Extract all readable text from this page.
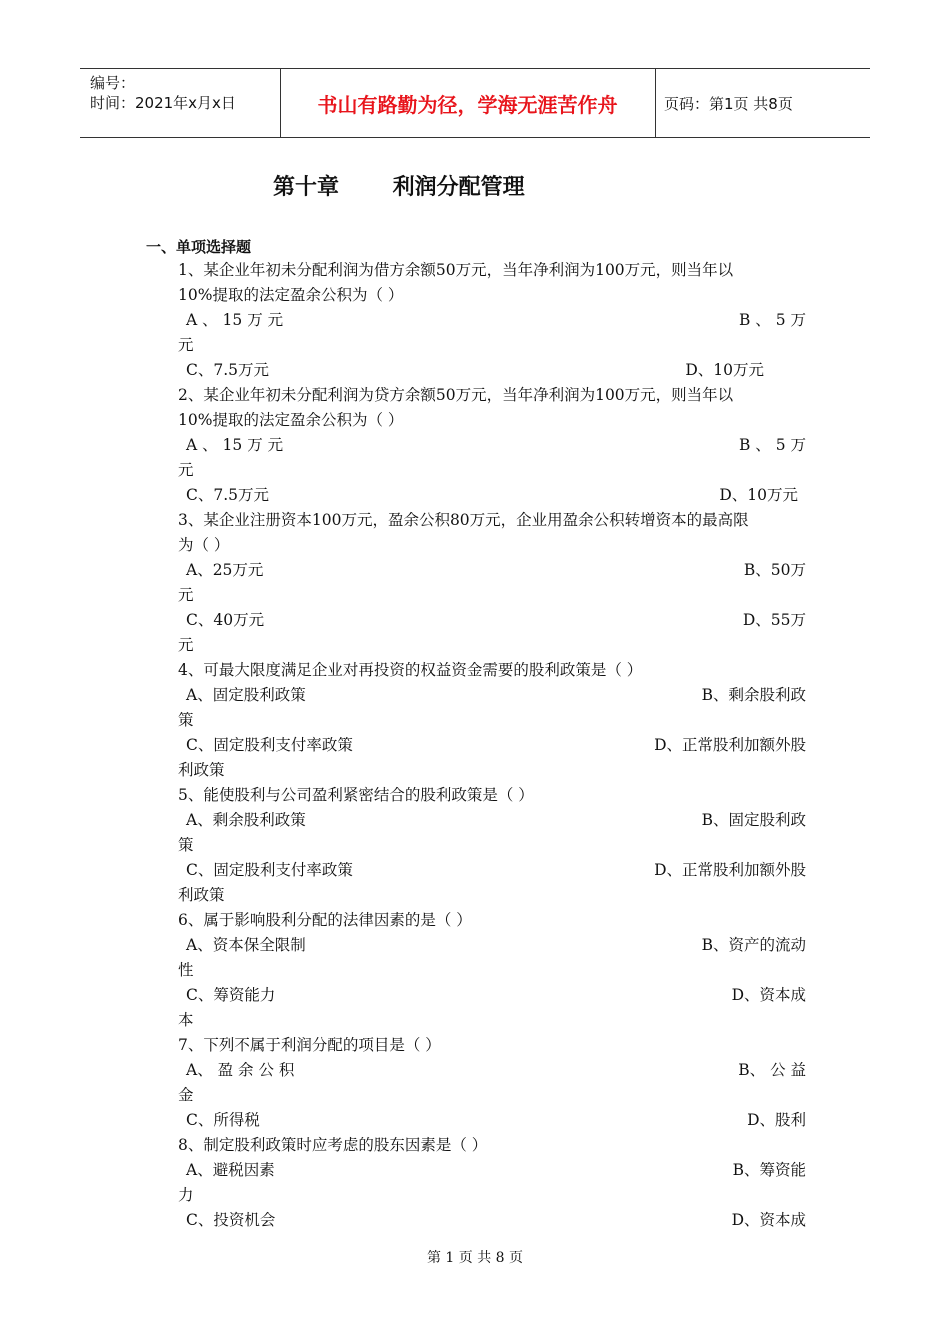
编号：
时间：2021年x月x日	书山有路勤为径，学海无涯苦作舟	页码：第1页 共8页
第十章       利润分配管理
一、单项选择题
1、某企业年初未分配利润为借方余额50万元，当年净利润为100万元，则当年以
10%提取的法定盈余公积为（ ）
A 、 15 万 元	B 、 5 万
元
C、7.5万元	D、10万元
2、某企业年初未分配利润为贷方余额50万元，当年净利润为100万元，则当年以
10%提取的法定盈余公积为（ ）
A 、 15 万 元	B 、 5 万
元
C、7.5万元	D、10万元
3、某企业注册资本100万元，盈余公积80万元，企业用盈余公积转增资本的最高限
为（ ）
A、25万元	B、50万
元
C、40万元	D、55万
元
4、可最大限度满足企业对再投资的权益资金需要的股利政策是（ ）
A、固定股利政策	B、剩余股利政
策
C、固定股利支付率政策	D、正常股利加额外股
利政策
5、能使股利与公司盈利紧密结合的股利政策是（ ）
A、剩余股利政策	B、固定股利政
策
C、固定股利支付率政策	D、正常股利加额外股
利政策
6、属于影响股利分配的法律因素的是（ ）
A、资本保全限制	B、资产的流动
性
C、筹资能力	D、资本成
本
7、下列不属于利润分配的项目是（ ）
A、 盈 余 公 积	B、 公 益
金
C、所得税	D、股利
8、制定股利政策时应考虑的股东因素是（ ）
A、避税因素	B、筹资能
力
C、投资机会	D、资本成
第 1 页 共 8 页
